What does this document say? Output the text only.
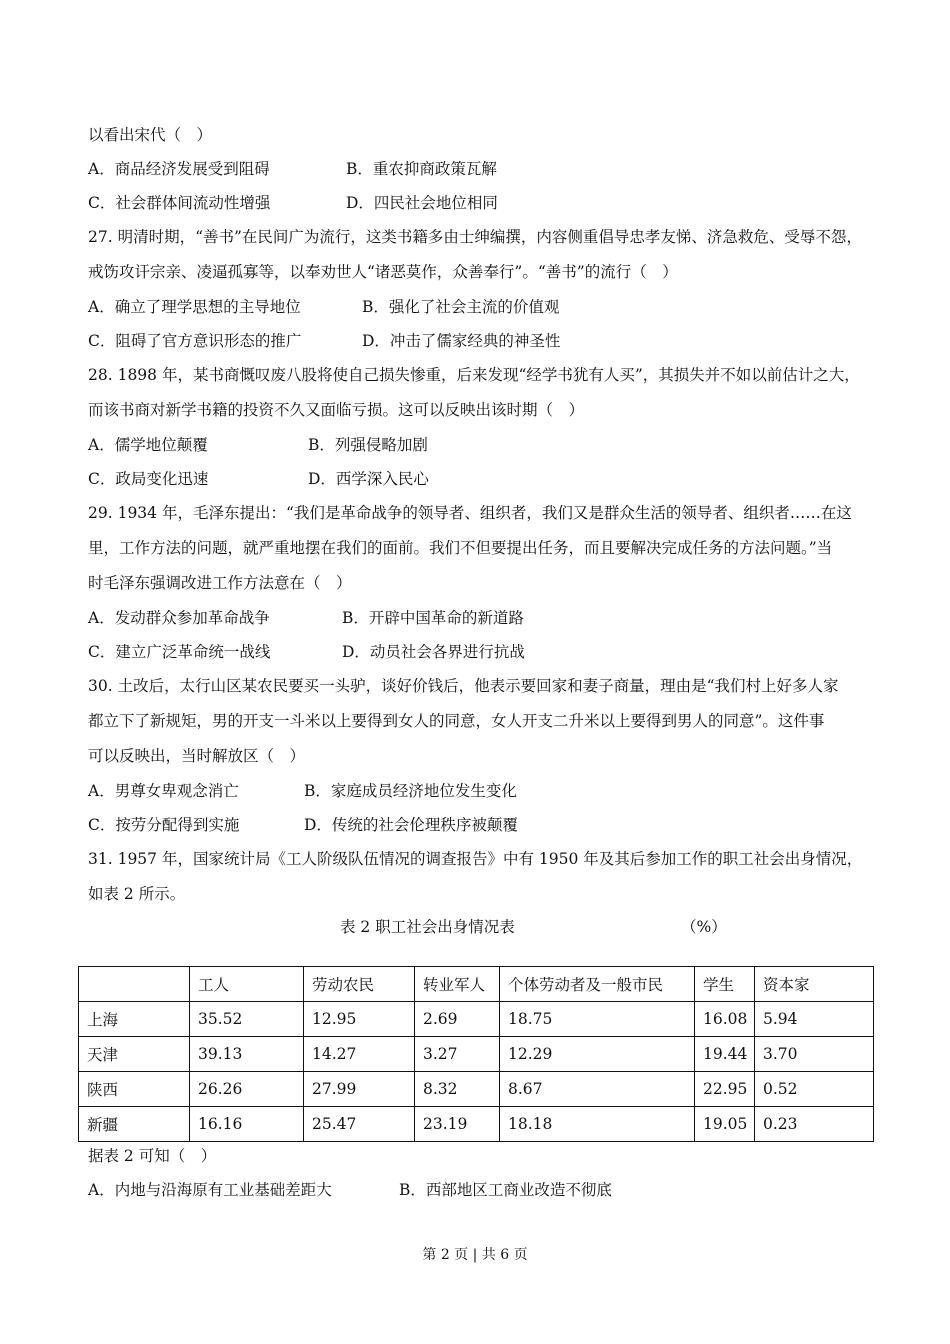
以看出宋代（　）
A．商品经济发展受到阻碍	B．重农抑商政策瓦解
C．社会群体间流动性增强	D．四民社会地位相同
27. 明清时期，“善书”在民间广为流行，这类书籍多由士绅编撰，内容侧重倡导忠孝友悌、济急救危、受辱不怨，
戒饬攻讦宗亲、凌逼孤寡等，以奉劝世人“诸恶莫作，众善奉行”。“善书”的流行（　）
A．确立了理学思想的主导地位	B．强化了社会主流的价值观
C．阻碍了官方意识形态的推广	D．冲击了儒家经典的神圣性
28. 1898 年，某书商慨叹废八股将使自己损失惨重，后来发现“经学书犹有人买”，其损失并不如以前估计之大，
而该书商对新学书籍的投资不久又面临亏损。这可以反映出该时期（　）
A．儒学地位颠覆	B．列强侵略加剧
C．政局变化迅速	D．西学深入民心
29. 1934 年，毛泽东提出：“我们是革命战争的领导者、组织者，我们又是群众生活的领导者、组织者……在这
里，工作方法的问题，就严重地摆在我们的面前。我们不但要提出任务，而且要解决完成任务的方法问题。”当
时毛泽东强调改进工作方法意在（　）
A．发动群众参加革命战争	B．开辟中国革命的新道路
C．建立广泛革命统一战线	D．动员社会各界进行抗战
30. 土改后，太行山区某农民要买一头驴，谈好价钱后，他表示要回家和妻子商量，理由是“我们村上好多人家
都立下了新规矩，男的开支一斗米以上要得到女人的同意，女人开支二升米以上要得到男人的同意”。这件事
可以反映出，当时解放区（　）
A．男尊女卑观念消亡	B．家庭成员经济地位发生变化
C．按劳分配得到实施	D．传统的社会伦理秩序被颠覆
31. 1957 年，国家统计局《工人阶级队伍情况的调查报告》中有 1950 年及其后参加工作的职工社会出身情况，
如表 2 所示。
表 2 职工社会出身情况表	（%）
	工人	劳动农民	转业军人	个体劳动者及一般市民	学生	资本家
上海	35.52	12.95	2.69	18.75	16.08	5.94
天津	39.13	14.27	3.27	12.29	19.44	3.70
陕西	26.26	27.99	8.32	8.67	22.95	0.52
新疆	16.16	25.47	23.19	18.18	19.05	0.23
据表 2 可知（　）
A．内地与沿海原有工业基础差距大	B．西部地区工商业改造不彻底
第 2 页 | 共 6 页
